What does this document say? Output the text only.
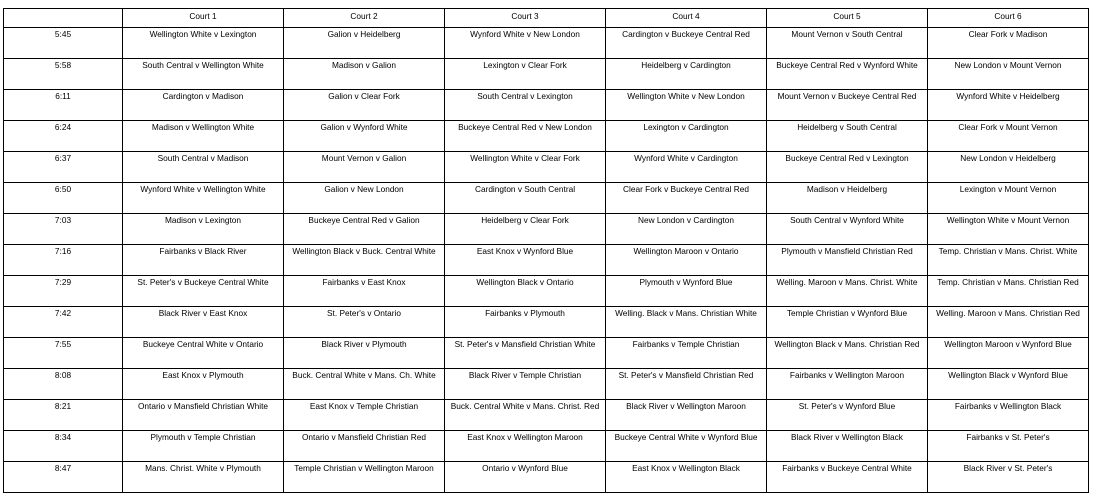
	Court 1	Court 2	Court 3	Court 4	Court 5	Court 6
5:45	Wellington White v Lexington	Galion v Heidelberg	Wynford White v New London	Cardington v Buckeye Central Red	Mount Vernon v South Central	Clear Fork v Madison
5:58	South Central v Wellington White	Madison v Galion	Lexington v Clear Fork	Heidelberg v Cardington	Buckeye Central Red v Wynford White	New London v Mount Vernon
6:11	Cardington v Madison	Galion v Clear Fork	South Central v Lexington	Wellington White v New London	Mount Vernon v Buckeye Central Red	Wynford White v Heidelberg
6:24	Madison v Wellington White	Galion v Wynford White	Buckeye Central Red v New London	Lexington v Cardington	Heidelberg v South Central	Clear Fork v Mount Vernon
6:37	South Central v Madison	Mount Vernon v Galion	Wellington White v Clear Fork	Wynford White v Cardington	Buckeye Central Red v Lexington	New London v Heidelberg
6:50	Wynford White v Wellington White	Galion v New London	Cardington v South Central	Clear Fork v Buckeye Central Red	Madison v Heidelberg	Lexington v Mount Vernon
7:03	Madison v Lexington	Buckeye Central Red v Galion	Heidelberg v Clear Fork	New London v Cardington	South Central v Wynford White	Wellington White v Mount Vernon
7:16	Fairbanks v Black River	Wellington Black v Buck. Central White	East Knox v Wynford Blue	Wellington Maroon v Ontario	Plymouth v Mansfield Christian Red	Temp. Christian v Mans. Christ. White
7:29	St. Peter's v Buckeye Central White	Fairbanks v East Knox	Wellington Black v Ontario	Plymouth v Wynford Blue	Welling. Maroon v Mans. Christ. White	Temp. Christian v Mans. Christian Red
7:42	Black River v East Knox	St. Peter's v Ontario	Fairbanks v Plymouth	Welling. Black v Mans. Christian White	Temple Christian v Wynford Blue	Welling. Maroon v Mans. Christian Red
7:55	Buckeye Central White v Ontario	Black River v Plymouth	St. Peter's v Mansfield Christian White	Fairbanks v Temple Christian	Wellington Black v Mans. Christian Red	Wellington Maroon v Wynford Blue
8:08	East Knox v Plymouth	Buck. Central White v Mans. Ch. White	Black River v Temple Christian	St. Peter's v Mansfield Christian Red	Fairbanks v Wellington Maroon	Wellington Black v Wynford Blue
8:21	Ontario v Mansfield Christian White	East Knox v Temple Christian	Buck. Central White v Mans. Christ. Red	Black River v Wellington Maroon	St. Peter's v Wynford Blue	Fairbanks v Wellington Black
8:34	Plymouth v Temple Christian	Ontario v Mansfield Christian Red	East Knox v Wellington Maroon	Buckeye Central White v Wynford Blue	Black River v Wellington Black	Fairbanks v St. Peter's
8:47	Mans. Christ. White v Plymouth	Temple Christian v Wellington Maroon	Ontario v Wynford Blue	East Knox v Wellington Black	Fairbanks v Buckeye Central White	Black River v St. Peter's
